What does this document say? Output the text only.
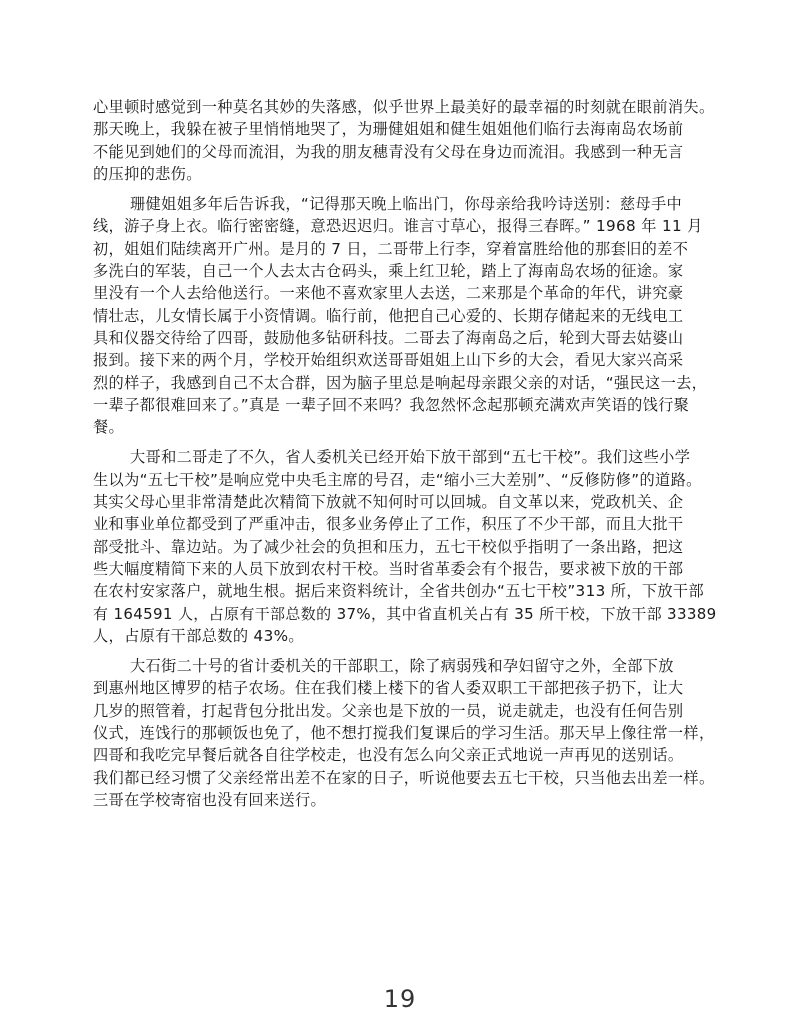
心里顿时感觉到一种莫名其妙的失落感，似乎世界上最美好的最幸福的时刻就在眼前消失。
那天晚上，我躲在被子里悄悄地哭了，为珊健姐姐和健生姐姐他们临行去海南岛农场前
不能见到她们的父母而流泪，为我的朋友穗青没有父母在身边而流泪。我感到一种无言
的压抑的悲伤。
珊健姐姐多年后告诉我，“记得那天晚上临出门，你母亲给我吟诗送别：慈母手中
线，游子身上衣。临行密密缝，意恐迟迟归。谁言寸草心，报得三春晖。” 1968 年 11 月
初，姐姐们陆续离开广州。是月的 7 日，二哥带上行李，穿着富胜给他的那套旧的差不
多洗白的军装，自己一个人去太古仓码头，乘上红卫轮，踏上了海南岛农场的征途。家
里没有一个人去给他送行。一来他不喜欢家里人去送，二来那是个革命的年代，讲究豪
情壮志，儿女情长属于小资情调。临行前，他把自己心爱的、长期存储起来的无线电工
具和仪器交待给了四哥，鼓励他多钻研科技。二哥去了海南岛之后，轮到大哥去姑婆山
报到。接下来的两个月，学校开始组织欢送哥哥姐姐上山下乡的大会，看见大家兴高采
烈的样子，我感到自己不太合群，因为脑子里总是响起母亲跟父亲的对话，“强民这一去，
一辈子都很难回来了。”真是 一辈子回不来吗？我忽然怀念起那顿充满欢声笑语的饯行聚
餐。
大哥和二哥走了不久，省人委机关已经开始下放干部到“五七干校”。我们这些小学
生以为“五七干校”是响应党中央毛主席的号召，走“缩小三大差别”、“反修防修”的道路。
其实父母心里非常清楚此次精简下放就不知何时可以回城。自文革以来，党政机关、企
业和事业单位都受到了严重冲击，很多业务停止了工作，积压了不少干部，而且大批干
部受批斗、靠边站。为了减少社会的负担和压力，五七干校似乎指明了一条出路，把这
些大幅度精简下来的人员下放到农村干校。当时省革委会有个报告，要求被下放的干部
在农村安家落户，就地生根。据后来资料统计，全省共创办“五七干校”313 所，下放干部
有 164591 人，占原有干部总数的 37%，其中省直机关占有 35 所干校，下放干部 33389
人，占原有干部总数的 43%。
大石街二十号的省计委机关的干部职工，除了病弱残和孕妇留守之外，全部下放
到惠州地区博罗的桔子农场。住在我们楼上楼下的省人委双职工干部把孩子扔下，让大
几岁的照管着，打起背包分批出发。父亲也是下放的一员，说走就走，也没有任何告别
仪式，连饯行的那顿饭也免了，他不想打搅我们复课后的学习生活。那天早上像往常一样，
四哥和我吃完早餐后就各自往学校走，也没有怎么向父亲正式地说一声再见的送别话。
我们都已经习惯了父亲经常出差不在家的日子，听说他要去五七干校，只当他去出差一样。
三哥在学校寄宿也没有回来送行。
19
